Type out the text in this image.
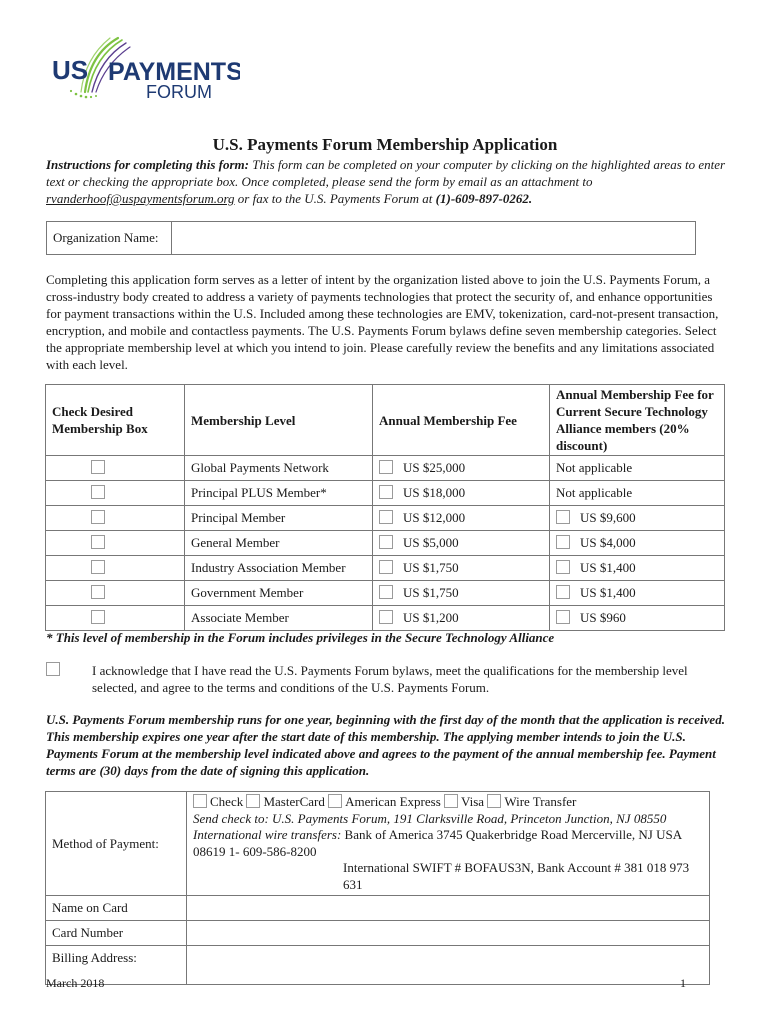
US PAYMENTS
FORUM
U.S. Payments Forum Membership Application
Instructions for completing this form: This form can be completed on your computer by clicking on the highlighted areas to enter text or checking the appropriate box. Once completed, please send the form by email as an attachment to rvanderhoof@uspaymentsforum.org or fax to the U.S. Payments Forum at (1)-609-897-0262.
Organization Name:	
Completing this application form serves as a letter of intent by the organization listed above to join the U.S. Payments Forum, a cross-industry body created to address a variety of payments technologies that protect the security of, and enhance opportunities for payment transactions within the U.S. Included among these technologies are EMV, tokenization, card-not-present transaction, encryption, and mobile and contactless payments. The U.S. Payments Forum bylaws define seven membership categories. Select the appropriate membership level at which you intend to join. Please carefully review the benefits and any limitations associated with each level.
Check Desired Membership Box	Membership Level	Annual Membership Fee	Annual Membership Fee for Current Secure Technology Alliance members (20% discount)
	Global Payments Network	US $25,000	Not applicable
	Principal PLUS Member*	US $18,000	Not applicable
	Principal Member	US $12,000	US $9,600
	General Member	US $5,000	US $4,000
	Industry Association Member	US $1,750	US $1,400
	Government Member	US $1,750	US $1,400
	Associate Member	US $1,200	US $960
* This level of membership in the Forum includes privileges in the Secure Technology Alliance
I acknowledge that I have read the U.S. Payments Forum bylaws, meet the qualifications for the membership level selected, and agree to the terms and conditions of the U.S. Payments Forum.
U.S. Payments Forum membership runs for one year, beginning with the first day of the month that the application is received. This membership expires one year after the start date of this membership. The applying member intends to join the U.S. Payments Forum at the membership level indicated above and agrees to the payment of the annual membership fee. Payment terms are (30) days from the date of signing this application.
Method of Payment:	Check MasterCard American Express Visa Wire Transfer
Send check to: U.S. Payments Forum, 191 Clarksville Road, Princeton Junction, NJ 08550
International wire transfers: Bank of America 3745 Quakerbridge Road Mercerville, NJ USA 08619 1- 609-586-8200
International SWIFT # BOFAUS3N, Bank Account # 381 018 973 631

Name on Card	
Card Number	
Billing Address:	
March 2018	1
